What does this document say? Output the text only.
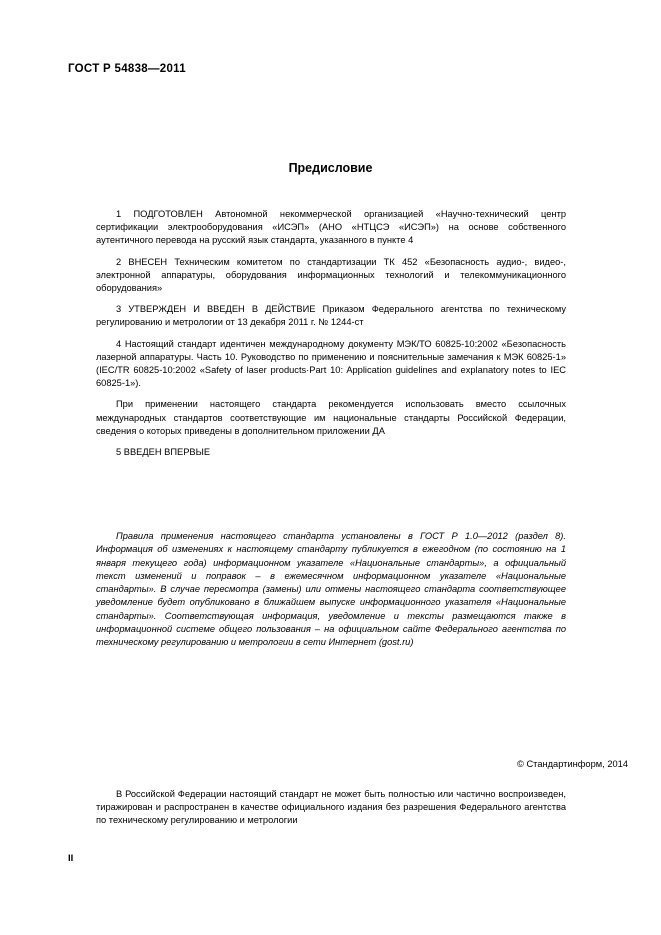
ГОСТ Р 54838—2011
Предисловие

1 ПОДГОТОВЛЕН Автономной некоммерческой организацией «Научно-технический центр сертификации электрооборудования «ИСЭП» (АНО «НТЦСЭ «ИСЭП») на основе собственного аутентичного перевода на русский язык стандарта, указанного в пункте 4

2 ВНЕСЕН Техническим комитетом по стандартизации ТК 452 «Безопасность аудио-, видео-, электронной аппаратуры, оборудования информационных технологий и телекоммуникационного оборудования»

3 УТВЕРЖДЕН И ВВЕДЕН В ДЕЙСТВИЕ Приказом Федерального агентства по техническому регулированию и метрологии от 13 декабря 2011 г. № 1244-ст

4 Настоящий стандарт идентичен международному документу МЭК/ТО 60825-10:2002 «Безопасность лазерной аппаратуры. Часть 10. Руководство по применению и пояснительные замечания к МЭК 60825-1» (IEC/TR 60825-10:2002 «Safety of laser products·Part 10: Application guidelines and explanatory notes to IEC 60825-1»).

При применении настоящего стандарта рекомендуется использовать вместо ссылочных международных стандартов соответствующие им национальные стандарты Российской Федерации, сведения о которых приведены в дополнительном приложении ДА

5 ВВЕДЕН ВПЕРВЫЕ

Правила применения настоящего стандарта установлены в ГОСТ Р 1.0—2012 (раздел 8). Информация об изменениях к настоящему стандарту публикуется в ежегодном (по состоянию на 1 января текущего года) информационном указателе «Национальные стандарты», а официальный текст изменений и поправок – в ежемесячном информационном указателе «Национальные стандарты». В случае пересмотра (замены) или отмены настоящего стандарта соответствующее уведомление будет опубликовано в ближайшем выпуске информационного указателя «Национальные стандарты». Соответствующая информация, уведомление и тексты размещаются также в информационной системе общего пользования – на официальном сайте Федерального агентства по техническому регулированию и метрологии в сети Интернет (gost.ru)

© Стандартинформ, 2014

В Российской Федерации настоящий стандарт не может быть полностью или частично воспроизведен, тиражирован и распространен в качестве официального издания без разрешения Федерального агентства по техническому регулированию и метрологии

II
